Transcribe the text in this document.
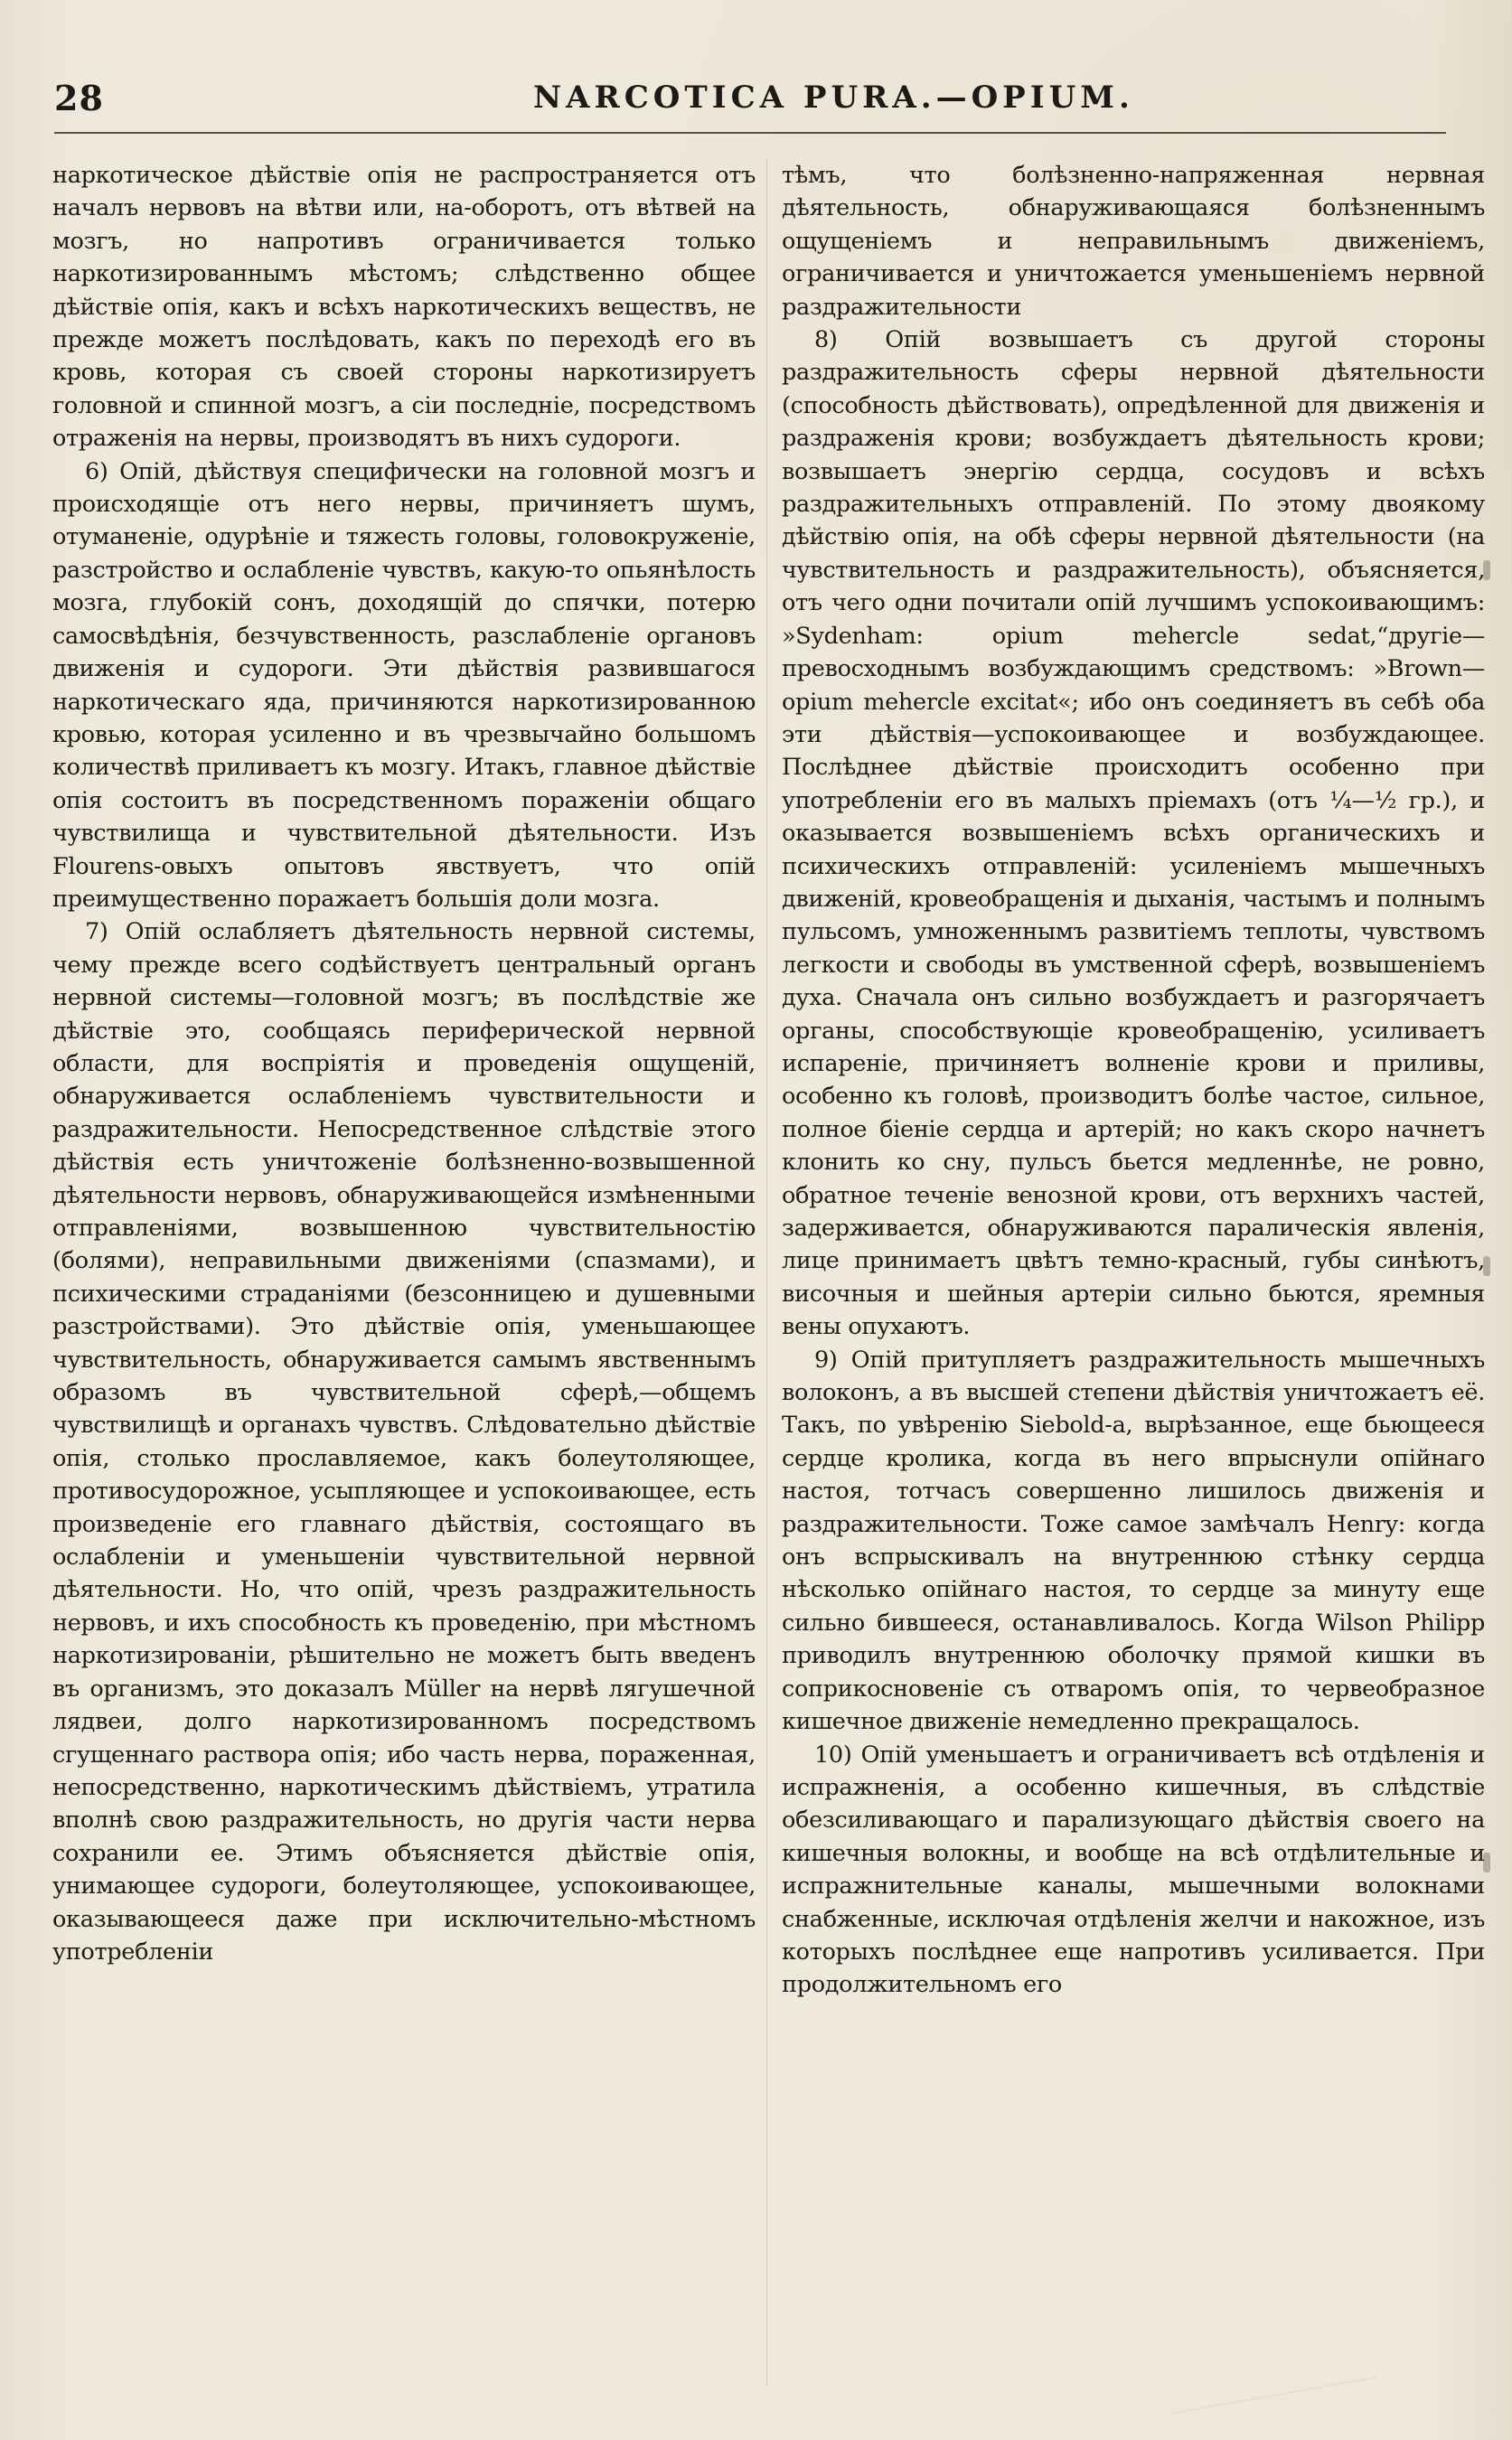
28	NARCOTICA PURA.—OPIUM.

наркотическое дѣйствіе опія не распространяется отъ началъ нервовъ на вѣтви или, на-оборотъ, отъ вѣтвей на мозгъ, но напротивъ ограничивается только наркотизированнымъ мѣстомъ; слѣдственно общее дѣйствіе опія, какъ и всѣхъ наркотическихъ веществъ, не прежде можетъ послѣдовать, какъ по переходѣ его въ кровь, которая съ своей стороны наркотизируетъ головной и спинной мозгъ, а сіи последніе, посредствомъ отраженія на нервы, производятъ въ нихъ судороги.

6) Опій, дѣйствуя специфически на головной мозгъ и происходящіе отъ него нервы, причиняетъ шумъ, отуманеніе, одурѣніе и тяжесть головы, головокруженіе, разстройство и ослабленіе чувствъ, какую-то опьянѣлость мозга, глубокій сонъ, доходящій до спячки, потерю самосвѣдѣнія, безчувственность, разслабленіе органовъ движенія и судороги. Эти дѣйствія развившагося наркотическаго яда, причиняются наркотизированною кровью, которая усиленно и въ чрезвычайно большомъ количествѣ приливаетъ къ мозгу. Итакъ, главное дѣйствіе опія состоитъ въ посредственномъ пораженіи общаго чувствилища и чувствительной дѣятельности. Изъ Flourens-овыхъ опытовъ явствуетъ, что опій преимущественно поражаетъ большія доли мозга.

7) Опій ослабляетъ дѣятельность нервной системы, чему прежде всего содѣйствуетъ центральный органъ нервной системы—головной мозгъ; въ послѣдствіе же дѣйствіе это, сообщаясь периферической нервной области, для воспріятія и проведенія ощущеній, обнаруживается ослабленіемъ чувствительности и раздражительности. Непосредственное слѣдствіе этого дѣйствія есть уничтоженіе болѣзненно-возвышенной дѣятельности нервовъ, обнаруживающейся измѣненными отправленіями, возвышенною чувствительностію (болями), неправильными движеніями (спазмами), и психическими страданіями (безсонницею и душевными разстройствами). Это дѣйствіе опія, уменьшающее чувствительность, обнаруживается самымъ явственнымъ образомъ въ чувствительной сферѣ,—общемъ чувствилищѣ и органахъ чувствъ. Слѣдовательно дѣйствіе опія, столько прославляемое, какъ болеутоляющее, противосудорожное, усыпляющее и успокоивающее, есть произведеніе его главнаго дѣйствія, состоящаго въ ослабленіи и уменьшеніи чувствительной нервной дѣятельности. Но, что опій, чрезъ раздражительность нервовъ, и ихъ способность къ проведенію, при мѣстномъ наркотизированіи, рѣшительно не можетъ быть введенъ въ организмъ, это доказалъ Müller на нервѣ лягушечной лядвеи, долго наркотизированномъ посредствомъ сгущеннаго раствора опія; ибо часть нерва, пораженная, непосредственно, наркотическимъ дѣйствіемъ, утратила вполнѣ свою раздражительность, но другія части нерва сохранили ее. Этимъ объясняется дѣйствіе опія, унимающее судороги, болеутоляющее, успокоивающее, оказывающееся даже при исключительно-мѣстномъ употребленіи

тѣмъ, что болѣзненно-напряженная нервная дѣятельность, обнаруживающаяся болѣзненнымъ ощущеніемъ и неправильнымъ движеніемъ, ограничивается и уничтожается уменьшеніемъ нервной раздражительности

8) Опій возвышаетъ съ другой стороны раздражительность сферы нервной дѣятельности (способность дѣйствовать), опредѣленной для движенія и раздраженія крови; возбуждаетъ дѣятельность крови; возвышаетъ энергію сердца, сосудовъ и всѣхъ раздражительныхъ отправленій. По этому двоякому дѣйствію опія, на обѣ сферы нервной дѣятельности (на чувствительность и раздражительность), объясняется, отъ чего одни почитали опій лучшимъ успокоивающимъ: »Sydenham: opium mehercle sedat,“другіе—превосходнымъ возбуждающимъ средствомъ: »Brown—opium mehercle excitat«; ибо онъ соединяетъ въ себѣ оба эти дѣйствія—успокоивающее и возбуждающее. Послѣднее дѣйствіе происходитъ особенно при употребленіи его въ малыхъ пріемахъ (отъ ¼—½ гр.), и оказывается возвышеніемъ всѣхъ органическихъ и психическихъ отправленій: усиленіемъ мышечныхъ движеній, кровеобращенія и дыханія, частымъ и полнымъ пульсомъ, умноженнымъ развитіемъ теплоты, чувствомъ легкости и свободы въ умственной сферѣ, возвышеніемъ духа. Сначала онъ сильно возбуждаетъ и разгорячаетъ органы, способствующіе кровеобращенію, усиливаетъ испареніе, причиняетъ волненіе крови и приливы, особенно къ головѣ, производитъ болѣе частое, сильное, полное біеніе сердца и артерій; но какъ скоро начнетъ клонить ко сну, пульсъ бьется медленнѣе, не ровно, обратное теченіе венозной крови, отъ верхнихъ частей, задерживается, обнаруживаются паралическія явленія, лице принимаетъ цвѣтъ темно-красный, губы синѣютъ, височныя и шейныя артеріи сильно бьются, яремныя вены опухаютъ.

9) Опій притупляетъ раздражительность мышечныхъ волоконъ, а въ высшей степени дѣйствія уничтожаетъ её. Такъ, по увѣренію Siebold-а, вырѣзанное, еще бьющееся сердце кролика, когда въ него впрыснули опійнаго настоя, тотчасъ совершенно лишилось движенія и раздражительности. Тоже самое замѣчалъ Henry: когда онъ вспрыскивалъ на внутреннюю стѣнку сердца нѣсколько опійнаго настоя, то сердце за минуту еще сильно бившееся, останавливалось. Когда Wilson Philipp приводилъ внутреннюю оболочку прямой кишки въ соприкосновеніе съ отваромъ опія, то червеобразное кишечное движеніе немедленно прекращалось.

10) Опій уменьшаетъ и ограничиваетъ всѣ отдѣленія и испражненія, а особенно кишечныя, въ слѣдствіе обезсиливающаго и парализующаго дѣйствія своего на кишечныя волокны, и вообще на всѣ отдѣлительные и испражнительные каналы, мышечными волокнами снабженные, исключая отдѣленія желчи и накожное, изъ которыхъ послѣднее еще напротивъ усиливается. При продолжительномъ его
